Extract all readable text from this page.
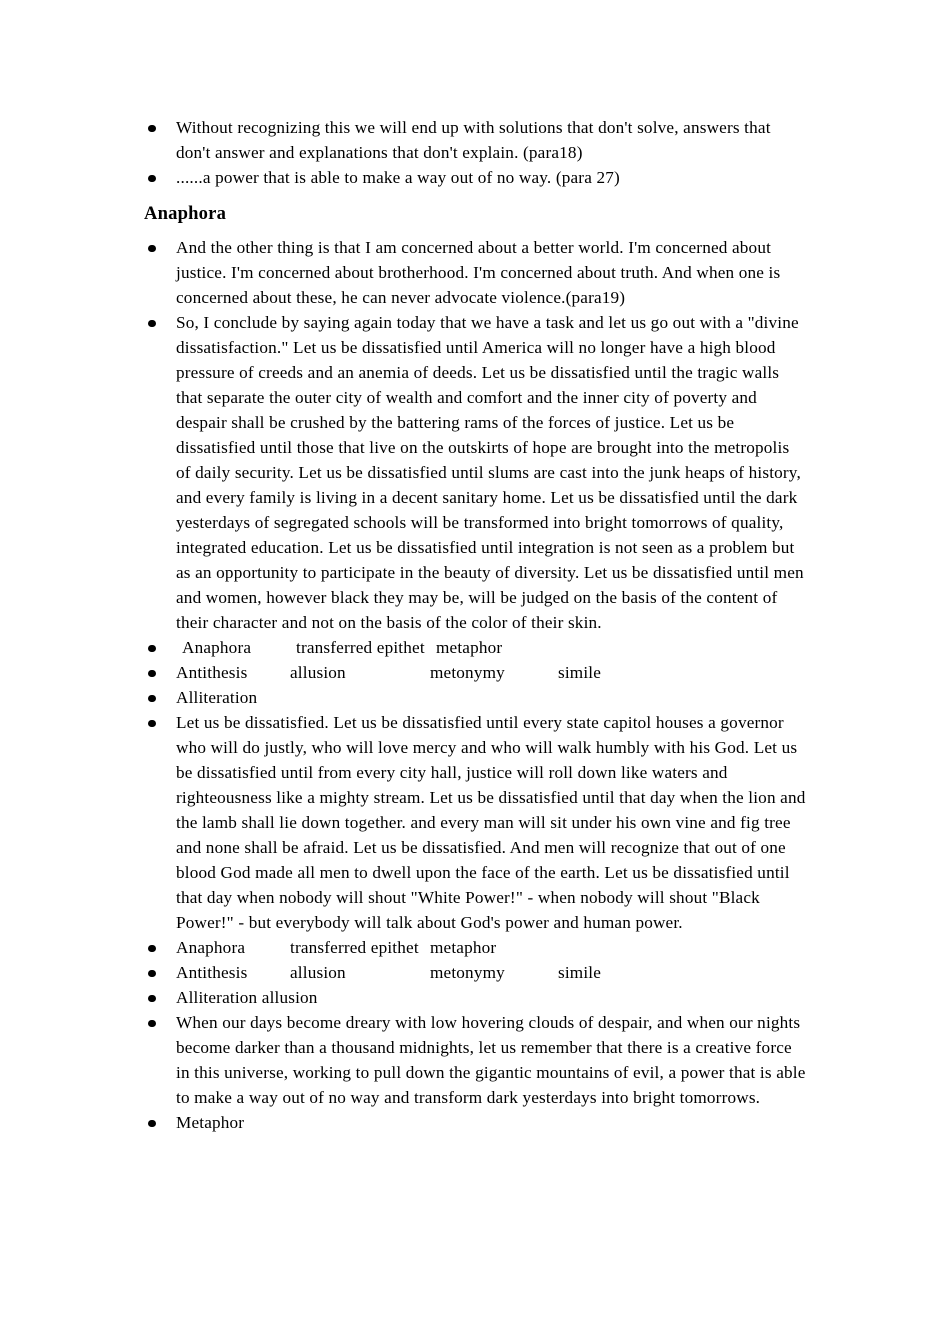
Without recognizing this we will end up with solutions that don't solve, answers that don't answer and explanations that don't explain. (para18)
......a power that is able to make a way out of no way. (para 27)
Anaphora
And the other thing is that I am concerned about a better world. I'm concerned about justice. I'm concerned about brotherhood. I'm concerned about truth. And when one is concerned about these, he can never advocate violence.(para19)
So, I conclude by saying again today that we have a task and let us go out with a "divine dissatisfaction." Let us be dissatisfied until America will no longer have a high blood pressure of creeds and an anemia of deeds. Let us be dissatisfied until the tragic walls that separate the outer city of wealth and comfort and the inner city of poverty and despair shall be crushed by the battering rams of the forces of justice. Let us be dissatisfied until those that live on the outskirts of hope are brought into the metropolis of daily security. Let us be dissatisfied until slums are cast into the junk heaps of history, and every family is living in a decent sanitary home. Let us be dissatisfied until the dark yesterdays of segregated schools will be transformed into bright tomorrows of quality, integrated education. Let us be dissatisfied until integration is not seen as a problem but as an opportunity to participate in the beauty of diversity. Let us be dissatisfied until men and women, however black they may be, will be judged on the basis of the content of their character and not on the basis of the color of their skin.
Anaphora	transferred epithet metaphor
Antithesis allusion	metonymy	simile
Alliteration
Let us be dissatisfied. Let us be dissatisfied until every state capitol houses a governor who will do justly, who will love mercy and who will walk humbly with his God. Let us be dissatisfied until from every city hall, justice will roll down like waters and righteousness like a mighty stream. Let us be dissatisfied until that day when the lion and the lamb shall lie down together. and every man will sit under his own vine and fig tree and none shall be afraid. Let us be dissatisfied. And men will recognize that out of one blood God made all men to dwell upon the face of the earth. Let us be dissatisfied until that day when nobody will shout "White Power!" - when nobody will shout "Black Power!" - but everybody will talk about God's power and human power.
Anaphora	transferred epithet metaphor
Antithesis allusion	metonymy	simile
Alliteration allusion
When our days become dreary with low hovering clouds of despair, and when our nights become darker than a thousand midnights, let us remember that there is a creative force in this universe, working to pull down the gigantic mountains of evil, a power that is able to make a way out of no way and transform dark yesterdays into bright tomorrows.
Metaphor
